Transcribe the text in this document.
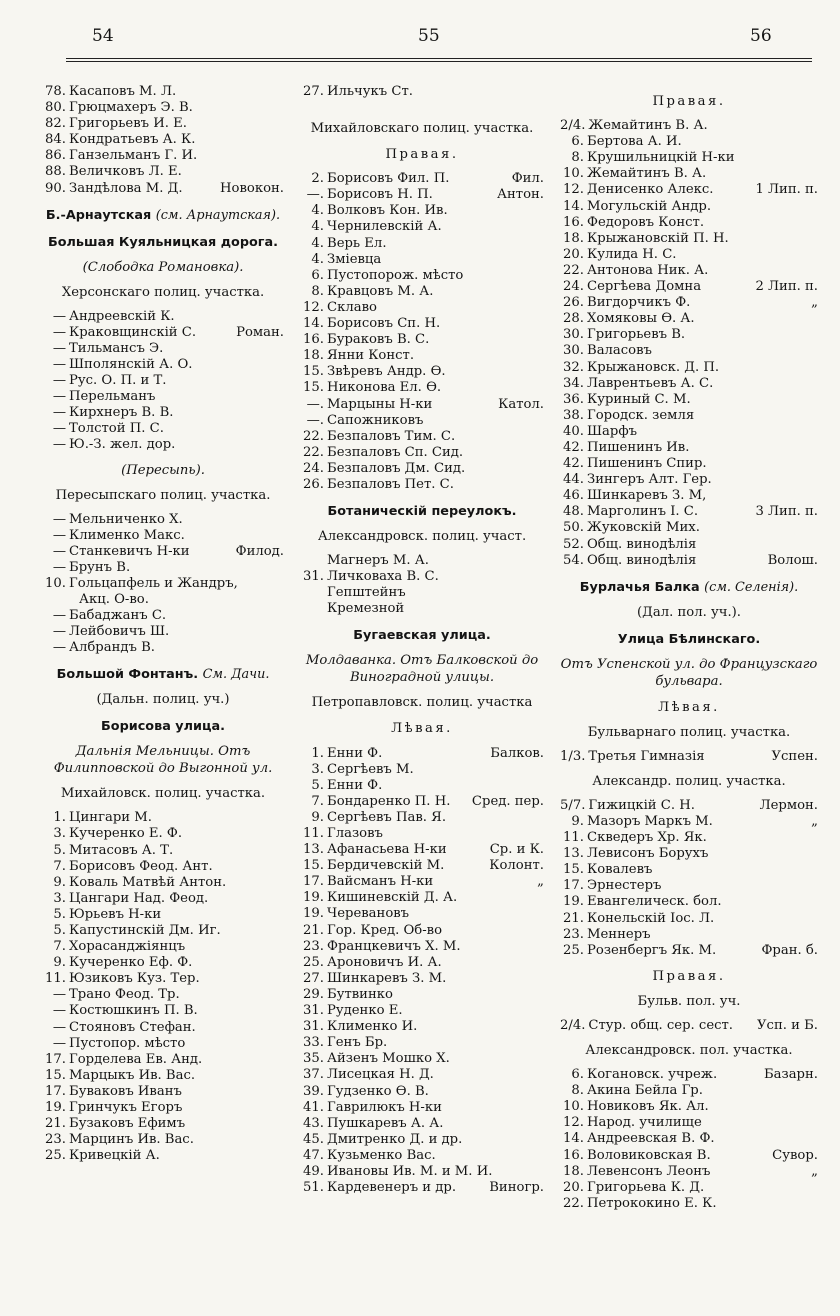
54	55	56
78. Касаповъ М. Л.
80. Грюцмахеръ Э. В.
82. Григорьевъ И. Е.
84. Кондратьевъ А. К.
86. Ганзельманъ Г. И.
88. Величковъ Л. Е.
90. Зандѣлова М. Д.	Новокон.
Б.-Арнаутская (см. Арнаутская).
Большая Куяльницкая дорога.
(Слободка Романовка).
Херсонскаго полиц. участка.
— Андреевскій К.
— Краковщинскій С.	Роман.
— Тильмансъ Э.
— Шполянскій А. О.
— Рус. О. П. и Т.
— Перельманъ
— Кирхнеръ В. В.
— Толстой П. С.
— Ю.-З. жел. дор.
(Пересыпь).
Пересыпскаго полиц. участка.
— Мельниченко Х.
— Клименко Макс.
— Станкевичъ Н-ки	Филод.
— Брунъ В.
10. Гольцапфель и Жандръ,
Акц. О-во.
— Бабаджанъ С.
— Лейбовичъ Ш.
— Албрандъ В.
Большой Фонтанъ. См. Дачи.
(Дальн. полиц. уч.)
Борисова улица.
Дальнія Мельницы. Отъ Филипповской до Выгонной ул.
Михайловск. полиц. участка.
1. Цингари М.
3. Кучеренко Е. Ф.
5. Митасовъ А. Т.
7. Борисовъ Феод. Ант.
9. Коваль Матвѣй Антон.
3. Цангари Над. Феод.
5. Юрьевъ Н-ки
5. Капустинскій Дм. Иг.
7. Хорасанджіянцъ
9. Кучеренко Еф. Ф.
11. Юзиковъ Куз. Тер.
— Трано Феод. Тр.
— Костюшкинъ П. В.
— Стояновъ Стефан.
— Пустопор. мѣсто
17. Горделева Ев. Анд.
15. Марцыкъ Ив. Вас.
17. Буваковъ Иванъ
19. Гринчукъ Егоръ
21. Бузаковъ Ефимъ
23. Марцинъ Ив. Вас.
25. Кривецкій А.
27. Ильчукъ Ст.
Михайловскаго полиц. участка.
Правая.
2. Борисовъ Фил. П.	Фил.
—. Борисовъ Н. П.	Антон.
4. Волковъ Кон. Ив.
4. Чернилевскій А.
4. Верь Ел.
4. Зміевца
6. Пустопорож. мѣсто
8. Кравцовъ М. А.
12. Склаво
14. Борисовъ Сп. Н.
16. Бураковъ В. С.
18. Янни Конст.
15. Звѣревъ Андр. Ѳ.
15. Никонова Ел. Ѳ.
—. Марцыны Н-ки	Катол.
—. Сапожниковъ
22. Безпаловъ Тим. С.
22. Безпаловъ Сп. Сид.
24. Безпаловъ Дм. Сид.
26. Безпаловъ Пет. С.
Ботаническій переулокъ.
Александровск. полиц. участ.
Магнеръ М. А.
31. Личковаха В. С.
Гепштейнъ
Кремезной
Бугаевская улица.
Молдаванка. Отъ Балковской до Виноградной улицы.
Петропавловск. полиц. участка
Лѣвая.
1. Енни Ф.	Балков.
3. Сергѣевъ М.
5. Енни Ф.
7. Бондаренко П. Н. Сред. пер.
9. Сергѣевъ Пав. Я.
11. Глазовъ
13. Афанасьева Н-ки	Ср. и К.
15. Бердичевскій М.	Колонт.
17. Вайсманъ Н-ки	„
19. Кишиневскій Д. А.
19. Черевановъ
21. Гор. Кред. Об-во
23. Францкевичъ Х. М.
25. Ароновичъ И. А.
27. Шинкаревъ З. М.
29. Бутвинко
31. Руденко Е.
31. Клименко И.
33. Генъ Бр.
35. Айзенъ Мошко Х.
37. Лисецкая Н. Д.
39. Гудзенко Ѳ. В.
41. Гаврилюкъ Н-ки
43. Пушкаревъ А. А.
45. Дмитренко Д. и др.
47. Кузьменко Вас.
49. Ивановы Ив. М. и М. И.
51. Кардевенеръ и др.	Виногр.
Правая.
2/4. Жемайтинъ В. А.
6. Бертова А. И.
8. Крушильницкій Н-ки
10. Жемайтинъ В. А.
12. Денисенко Алекс.	1 Лип. п.
14. Могульскій Андр.
16. Федоровъ Конст.
18. Крыжановскій П. Н.
20. Кулида Н. С.
22. Антонова Ник. А.
24. Сергѣева Домна	2 Лип. п.
26. Вигдорчикъ Ф.	„
28. Хомяковы Ѳ. А.
30. Григорьевъ В.
30. Валасовъ
32. Крыжановск. Д. П.
34. Лаврентьевъ А. С.
36. Куриный С. М.
38. Городск. земля
40. Шарфъ
42. Пишенинъ Ив.
42. Пишенинъ Спир.
44. Зингеръ Алт. Гер.
46. Шинкаревъ З. М,
48. Марголинъ І. С.	3 Лип. п.
50. Жуковскій Мих.
52. Общ. винодѣлія
54. Общ. винодѣлія	Волош.
Бурлачья Балка (см. Селенія).
(Дал. пол. уч.).
Улица Бѣлинскаго.
Отъ Успенской ул. до Французскаго бульвара.
Лѣвая.
Бульварнаго полиц. участка.
1/3. Третья Гимназія	Успен.
Александр. полиц. участка.
5/7. Гижицкій С. Н.	Лермон.
9. Мазоръ Маркъ М.	„
11. Скведеръ Хр. Як.
13. Левисонъ Борухъ
15. Ковалевъ
17. Эрнестеръ
19. Евангелическ. бол.
21. Конельскій Іос. Л.
23. Меннеръ
25. Розенбергъ Як. М.	Фран. б.
Правая.
Бульв. пол. уч.
2/4. Стур. общ. сер. сест. Усп. и Б.
Александровск. пол. участка.
6. Когановск. учреж.	Базарн.
8. Акина Бейла Гр.
10. Новиковъ Як. Ал.
12. Народ. училище
14. Андреевская В. Ф.
16. Воловиковская В.	Сувор.
18. Левенсонъ Леонъ	„
20. Григорьева К. Д.
22. Петрококино Е. К.
